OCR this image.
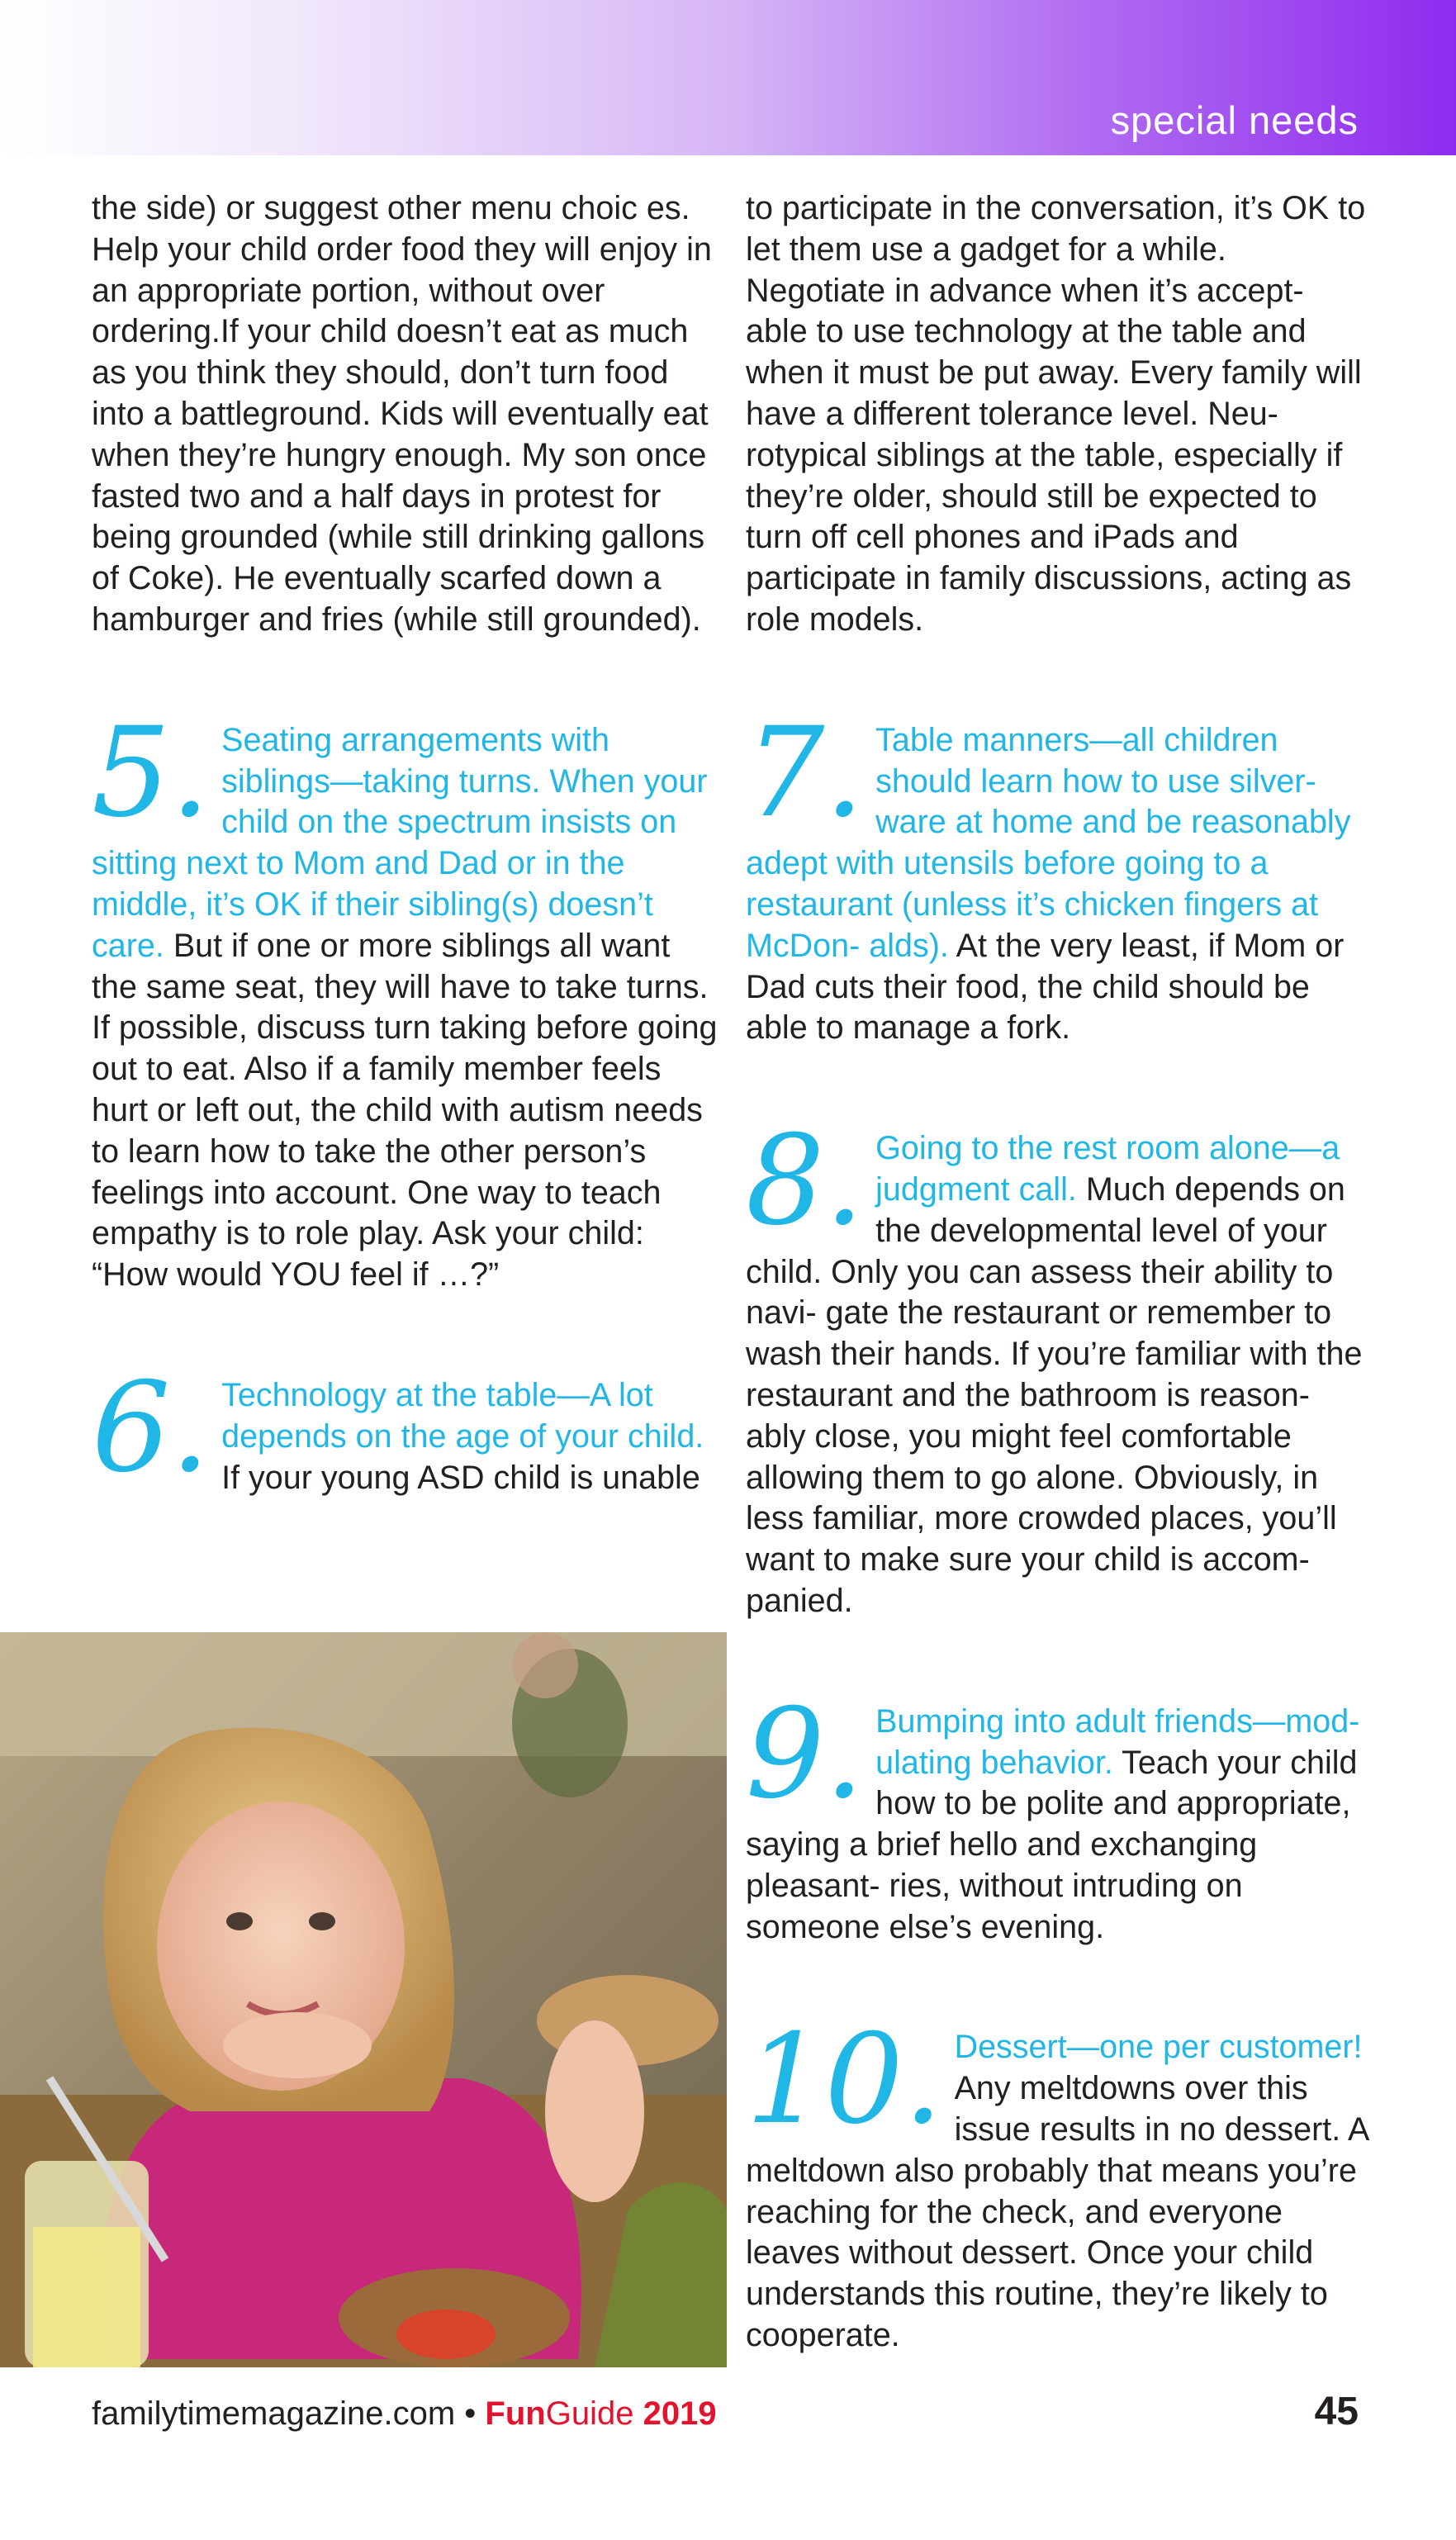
special needs

the side) or suggest other menu choic es. Help your child order food they will enjoy in an appropriate portion, without over ordering.If your child doesn’t eat as much as you think they should, don’t turn food into a battleground. Kids will eventually eat when they’re hungry enough. My son once fasted two and a half days in protest for being grounded (while still drinking gallons of Coke). He eventually scarfed down a hamburger and fries (while still grounded).

5. Seating arrangements with siblings—taking turns. When your child on the spectrum insists on sitting next to Mom and Dad or in the middle, it’s OK if their sibling(s) doesn’t care. But if one or more siblings all want the same seat, they will have to take turns. If possible, discuss turn taking before going out to eat. Also if a family member feels hurt or left out, the child with autism needs to learn how to take the other person’s feelings into account. One way to teach empathy is to role play. Ask your child: “How would YOU feel if …?”

6. Technology at the table—A lot depends on the age of your child. If your young ASD child is unable

to participate in the conversation, it’s OK to let them use a gadget for a while. Negotiate in advance when it’s accept- able to use technology at the table and when it must be put away. Every family will have a different tolerance level. Neu- rotypical siblings at the table, especially if they’re older, should still be expected to turn off cell phones and iPads and participate in family discussions, acting as role models.

7. Table manners—all children should learn how to use silver- ware at home and be reasonably adept with utensils before going to a restaurant (unless it’s chicken fingers at McDon- alds). At the very least, if Mom or Dad cuts their food, the child should be able to manage a fork.

8. Going to the rest room alone—a judgment call. Much depends on the developmental level of your child. Only you can assess their ability to navi- gate the restaurant or remember to wash their hands. If you’re familiar with the restaurant and the bathroom is reason- ably close, you might feel comfortable allowing them to go alone. Obviously, in less familiar, more crowded places, you’ll want to make sure your child is accom- panied.

9. Bumping into adult friends—mod- ulating behavior. Teach your child how to be polite and appropriate, saying a brief hello and exchanging pleasant- ries, without intruding on someone else’s evening.

10. Dessert—one per customer! Any meltdowns over this issue results in no dessert. A meltdown also probably that means you’re reaching for the check, and everyone leaves without dessert. Once your child understands this routine, they’re likely to cooperate.

familytimemagazine.com • FunGuide 2019	45
